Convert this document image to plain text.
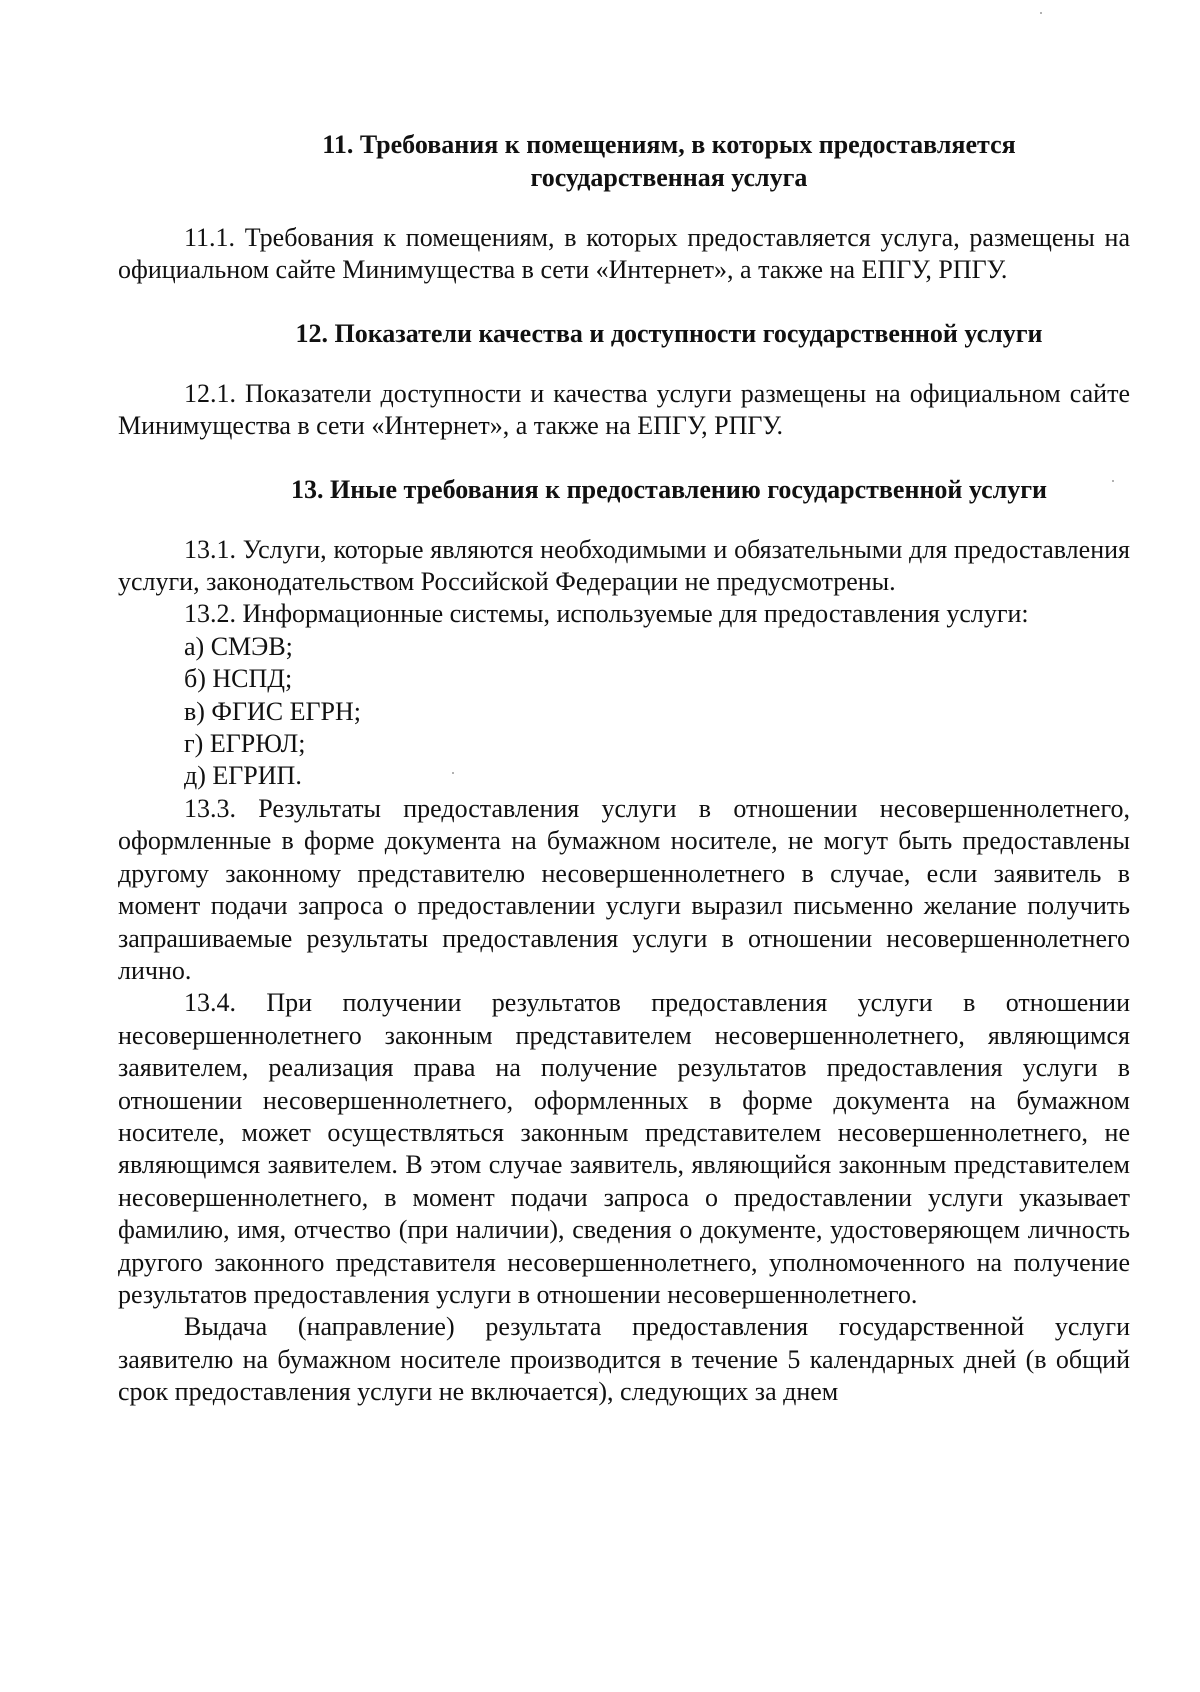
11. Требования к помещениям, в которых предоставляется
государственная услуга

11.1. Требования к помещениям, в которых предоставляется услуга, размещены на официальном сайте Минимущества в сети «Интернет», а также на ЕПГУ, РПГУ.

12. Показатели качества и доступности государственной услуги

12.1. Показатели доступности и качества услуги размещены на официальном сайте Минимущества в сети «Интернет», а также на ЕПГУ, РПГУ.

13. Иные требования к предоставлению государственной услуги

13.1. Услуги, которые являются необходимыми и обязательными для предоставления услуги, законодательством Российской Федерации не предусмотрены.

13.2. Информационные системы, используемые для предоставления услуги:

а) СМЭВ;

б) НСПД;

в) ФГИС ЕГРН;

г) ЕГРЮЛ;

д) ЕГРИП.

13.3. Результаты предоставления услуги в отношении несовершеннолетнего, оформленные в форме документа на бумажном носителе, не могут быть предоставлены другому законному представителю несовершеннолетнего в случае, если заявитель в момент подачи запроса о предоставлении услуги выразил письменно желание получить запрашиваемые результаты предоставления услуги в отношении несовершеннолетнего лично.

13.4. При получении результатов предоставления услуги в отношении несовершеннолетнего законным представителем несовершеннолетнего, являющимся заявителем, реализация права на получение результатов предоставления услуги в отношении несовершеннолетнего, оформленных в форме документа на бумажном носителе, может осуществляться законным представителем несовершеннолетнего, не являющимся заявителем. В этом случае заявитель, являющийся законным представителем несовершеннолетнего, в момент подачи запроса о предоставлении услуги указывает фамилию, имя, отчество (при наличии), сведения о документе, удостоверяющем личность другого законного представителя несовершеннолетнего, уполномоченного на получение результатов предоставления услуги в отношении несовершеннолетнего.

Выдача (направление) результата предоставления государственной услуги заявителю на бумажном носителе производится в течение 5 календарных дней (в общий срок предоставления услуги не включается), следующих за днем
